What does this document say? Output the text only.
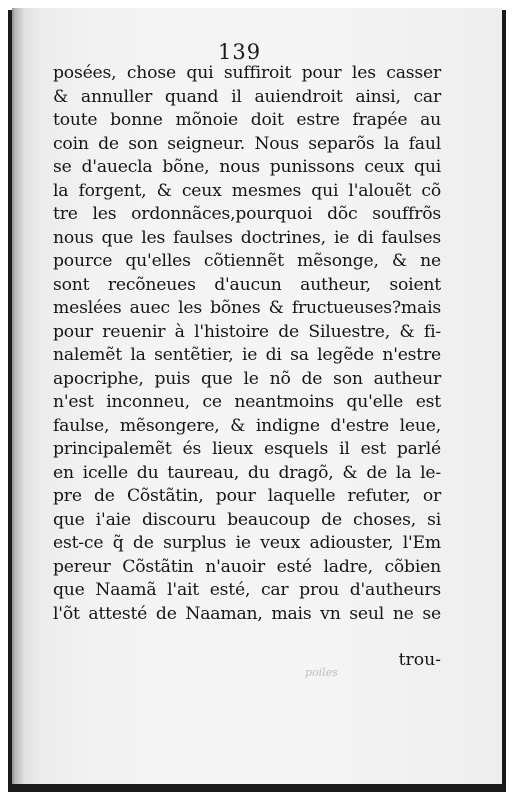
139
posées, chose qui suffiroit pour les casser
& annuller quand il auiendroit ainsi, car
toute bonne mõnoie doit estre frapée au
coin de son seigneur. Nous separõs la faul
se d'auecla bõne, nous punissons ceux qui
la forgent, & ceux mesmes qui l'alouẽt cõ
tre les ordonnãces,pourquoi dõc souffrõs
nous que les faulses doctrines, ie di faulses
pource qu'elles cõtiennẽt mẽsonge, & ne
sont recõneues d'aucun autheur, soient
meslées auec les bõnes & fructueuses?mais
pour reuenir à l'histoire de Siluestre, & fi-
nalemẽt la sentẽtier, ie di sa legẽde n'estre
apocriphe, puis que le nõ de son autheur
n'est inconneu, ce neantmoins qu'elle est
faulse, mẽsongere, & indigne d'estre leue,
principalemẽt és lieux esquels il est parlé
en icelle du taureau, du dragõ, & de la le-
pre de Cõstãtin, pour laquelle refuter, or
que i'aie discouru beaucoup de choses, si
est-ce q̃ de surplus ie veux adiouster, l'Em
pereur Cõstãtin n'auoir esté ladre, cõbien
que Naamã l'ait esté, car prou d'autheurs
l'õt attesté de Naaman, mais vn seul ne se
poiles
trou-
